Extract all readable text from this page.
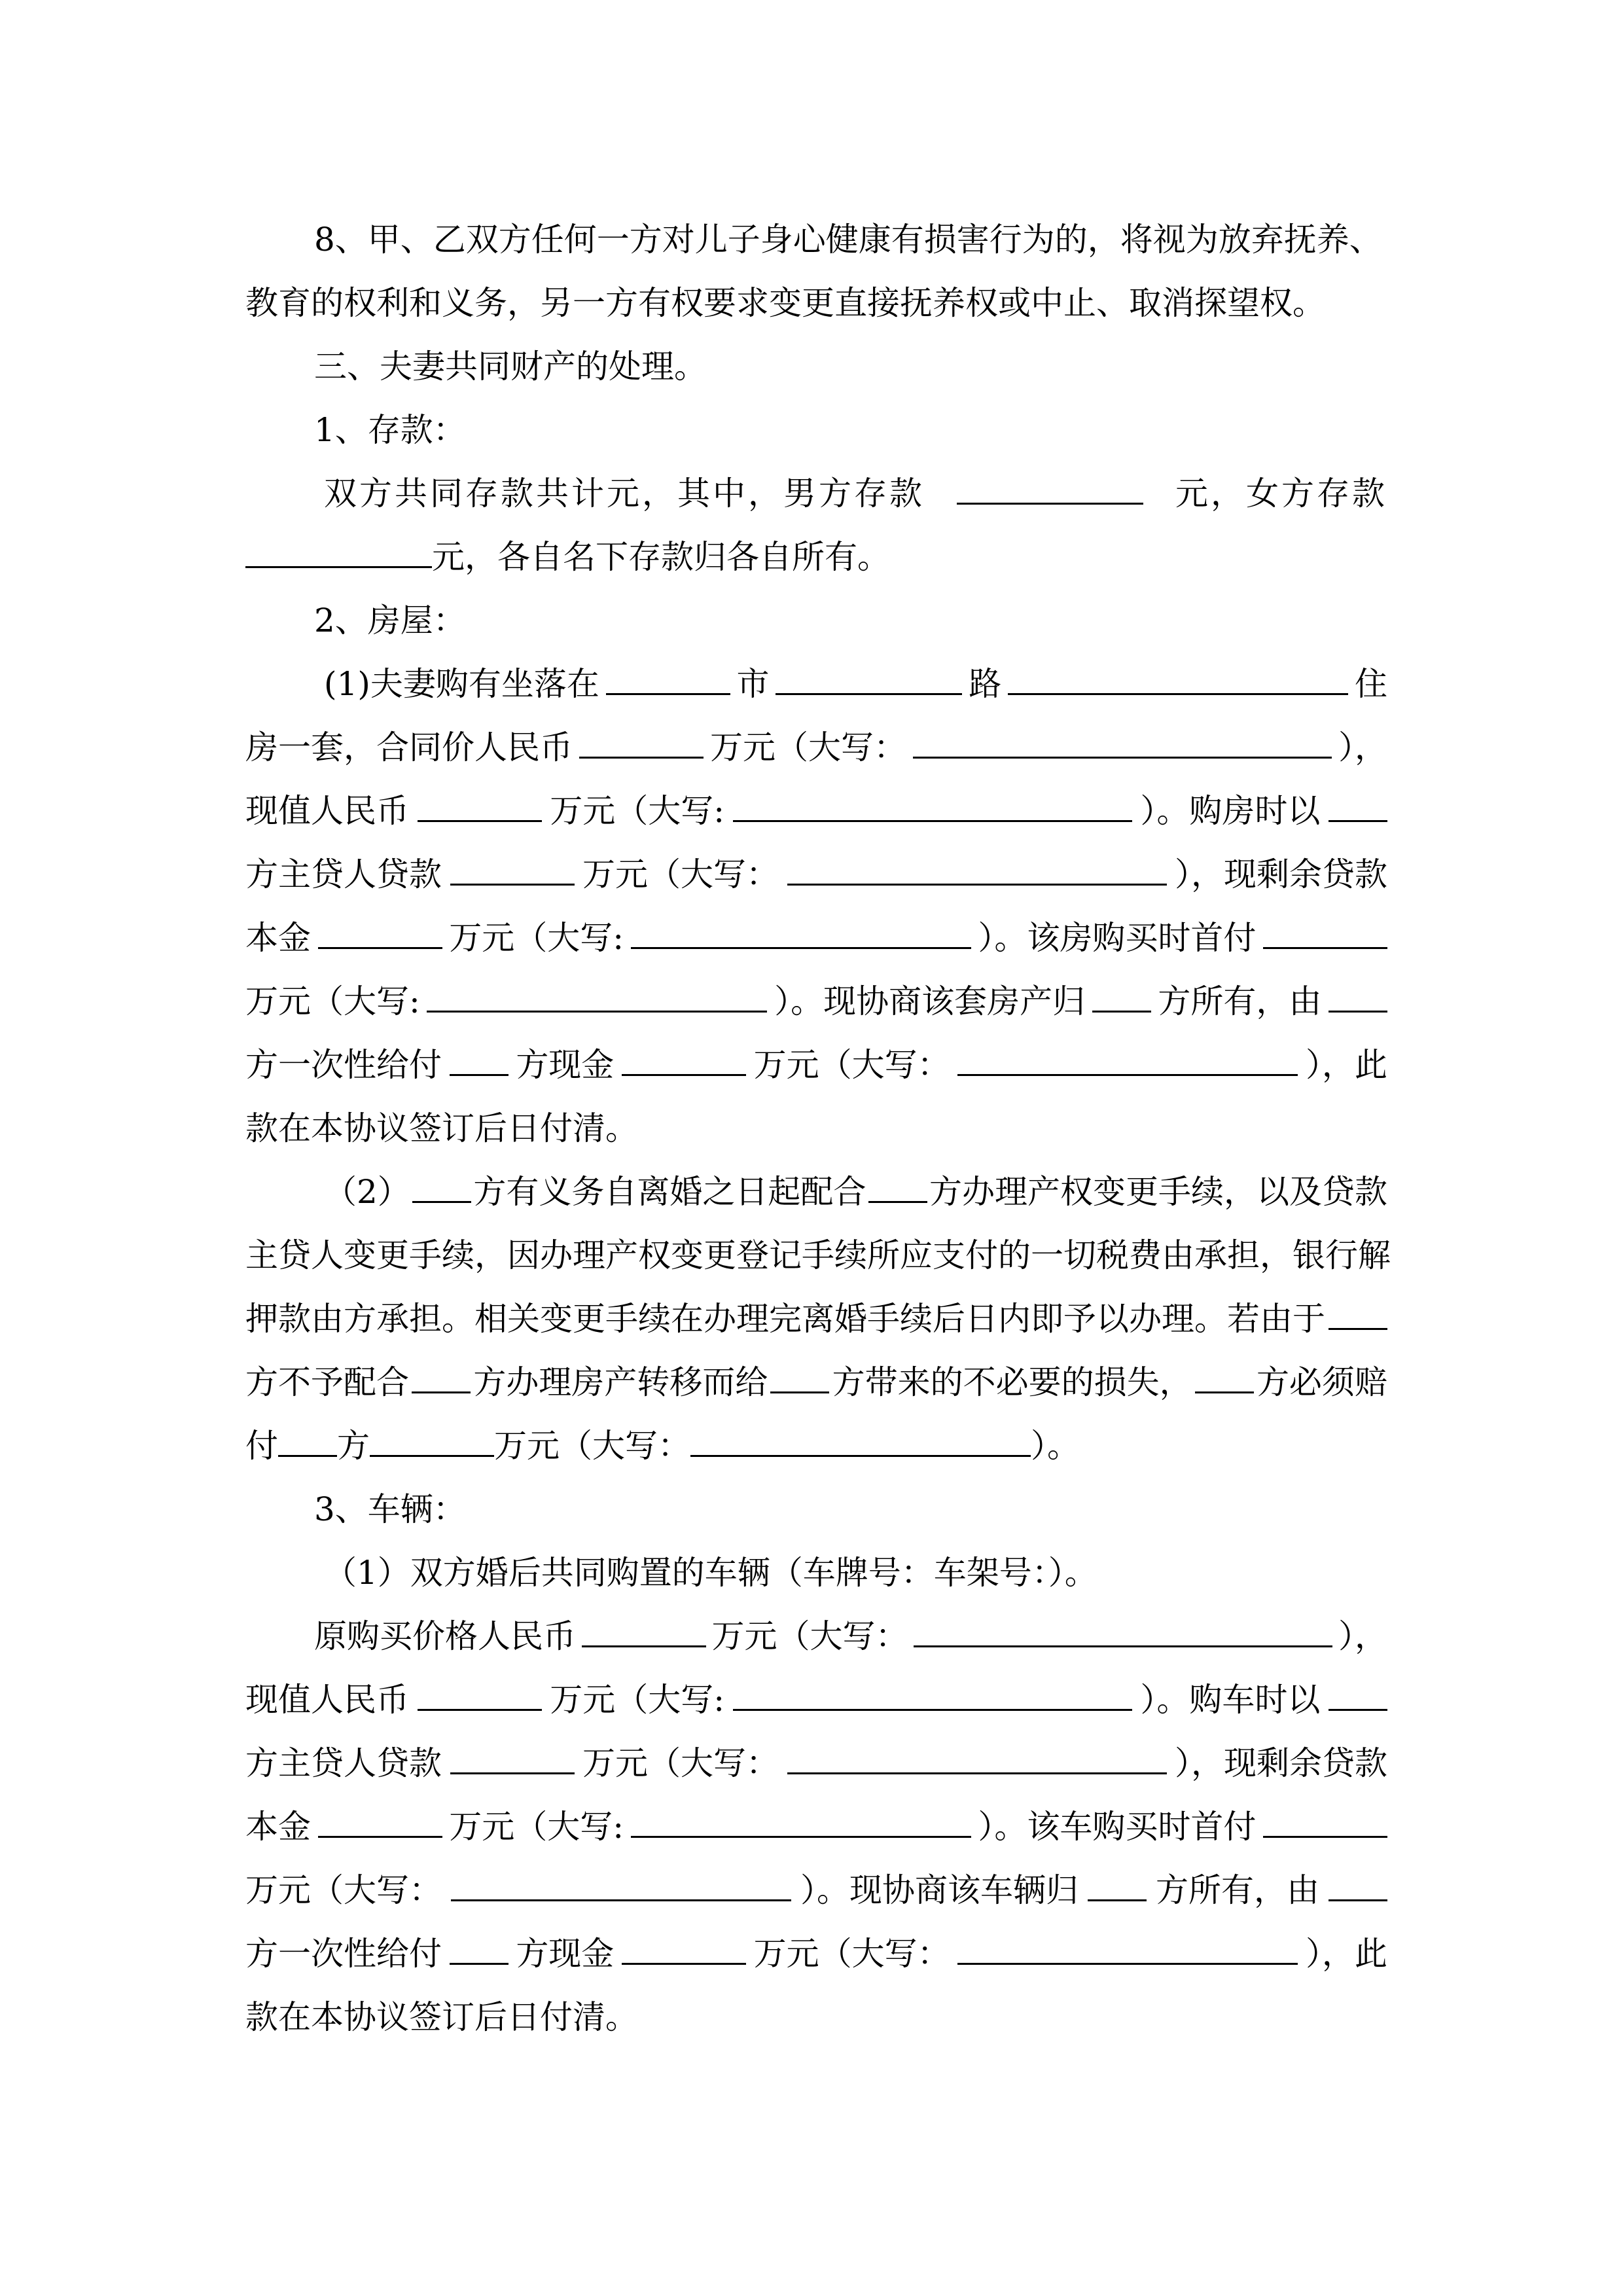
8、甲、乙双方任何一方对儿子身心健康有损害行为的，将视为放弃抚养、
教育的权利和义务，另一方有权要求变更直接抚养权或中止、取消探望权。
三、夫妻共同财产的处理。
1、存款：
双方共同存款共计元，其中，男方存款	元，女方存款
元，各自名下存款归各自所有。
2、房屋：
(1)夫妻购有坐落在	市	路	住
房一套，合同价人民币	万元（大写：	），
现值人民币	万元（大写:	）。购房时以
方主贷人贷款	万元（大写：	），现剩余贷款
本金	万元（大写:	）。该房购买时首付
万元（大写:	）。现协商该套房产归 方所有，由
方一次性给付 方现金	万元（大写：	），此
款在本协议签订后日付清。
（2） 方有义务自离婚之日起配合 方办理产权变更手续，以及贷款
主贷人变更手续，因办理产权变更登记手续所应支付的一切税费由承担，银行解
押款由方承担。相关变更手续在办理完离婚手续后日内即予以办理。若由于
方不予配合 方办理房产转移而给 方带来的不必要的损失， 方必须赔
付 方	万元（大写：	）。
3、车辆：
（1）双方婚后共同购置的车辆（车牌号：车架号：）。
原购买价格人民币	万元（大写：	），
现值人民币	万元（大写:	）。购车时以
方主贷人贷款	万元（大写：	），现剩余贷款
本金	万元（大写:	）。该车购买时首付
万元（大写：	）。现协商该车辆归 方所有，由
方一次性给付 方现金	万元（大写：	），此
款在本协议签订后日付清。
